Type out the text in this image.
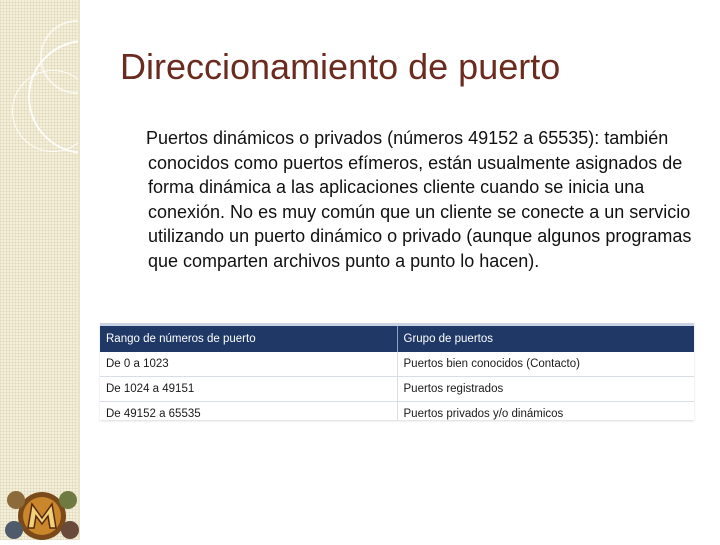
Direccionamiento de puerto

Puertos dinámicos o privados (números 49152 a 65535): también conocidos como puertos efímeros, están usualmente asignados de forma dinámica a las aplicaciones cliente cuando se inicia una conexión. No es muy común que un cliente se conecte a un servicio utilizando un puerto dinámico o privado (aunque algunos programas que comparten archivos punto a punto lo hacen).

Rango de números de puerto	Grupo de puertos
De 0 a 1023	Puertos bien conocidos (Contacto)
De 1024 a 49151	Puertos registrados
De 49152 a 65535	Puertos privados y/o dinámicos
